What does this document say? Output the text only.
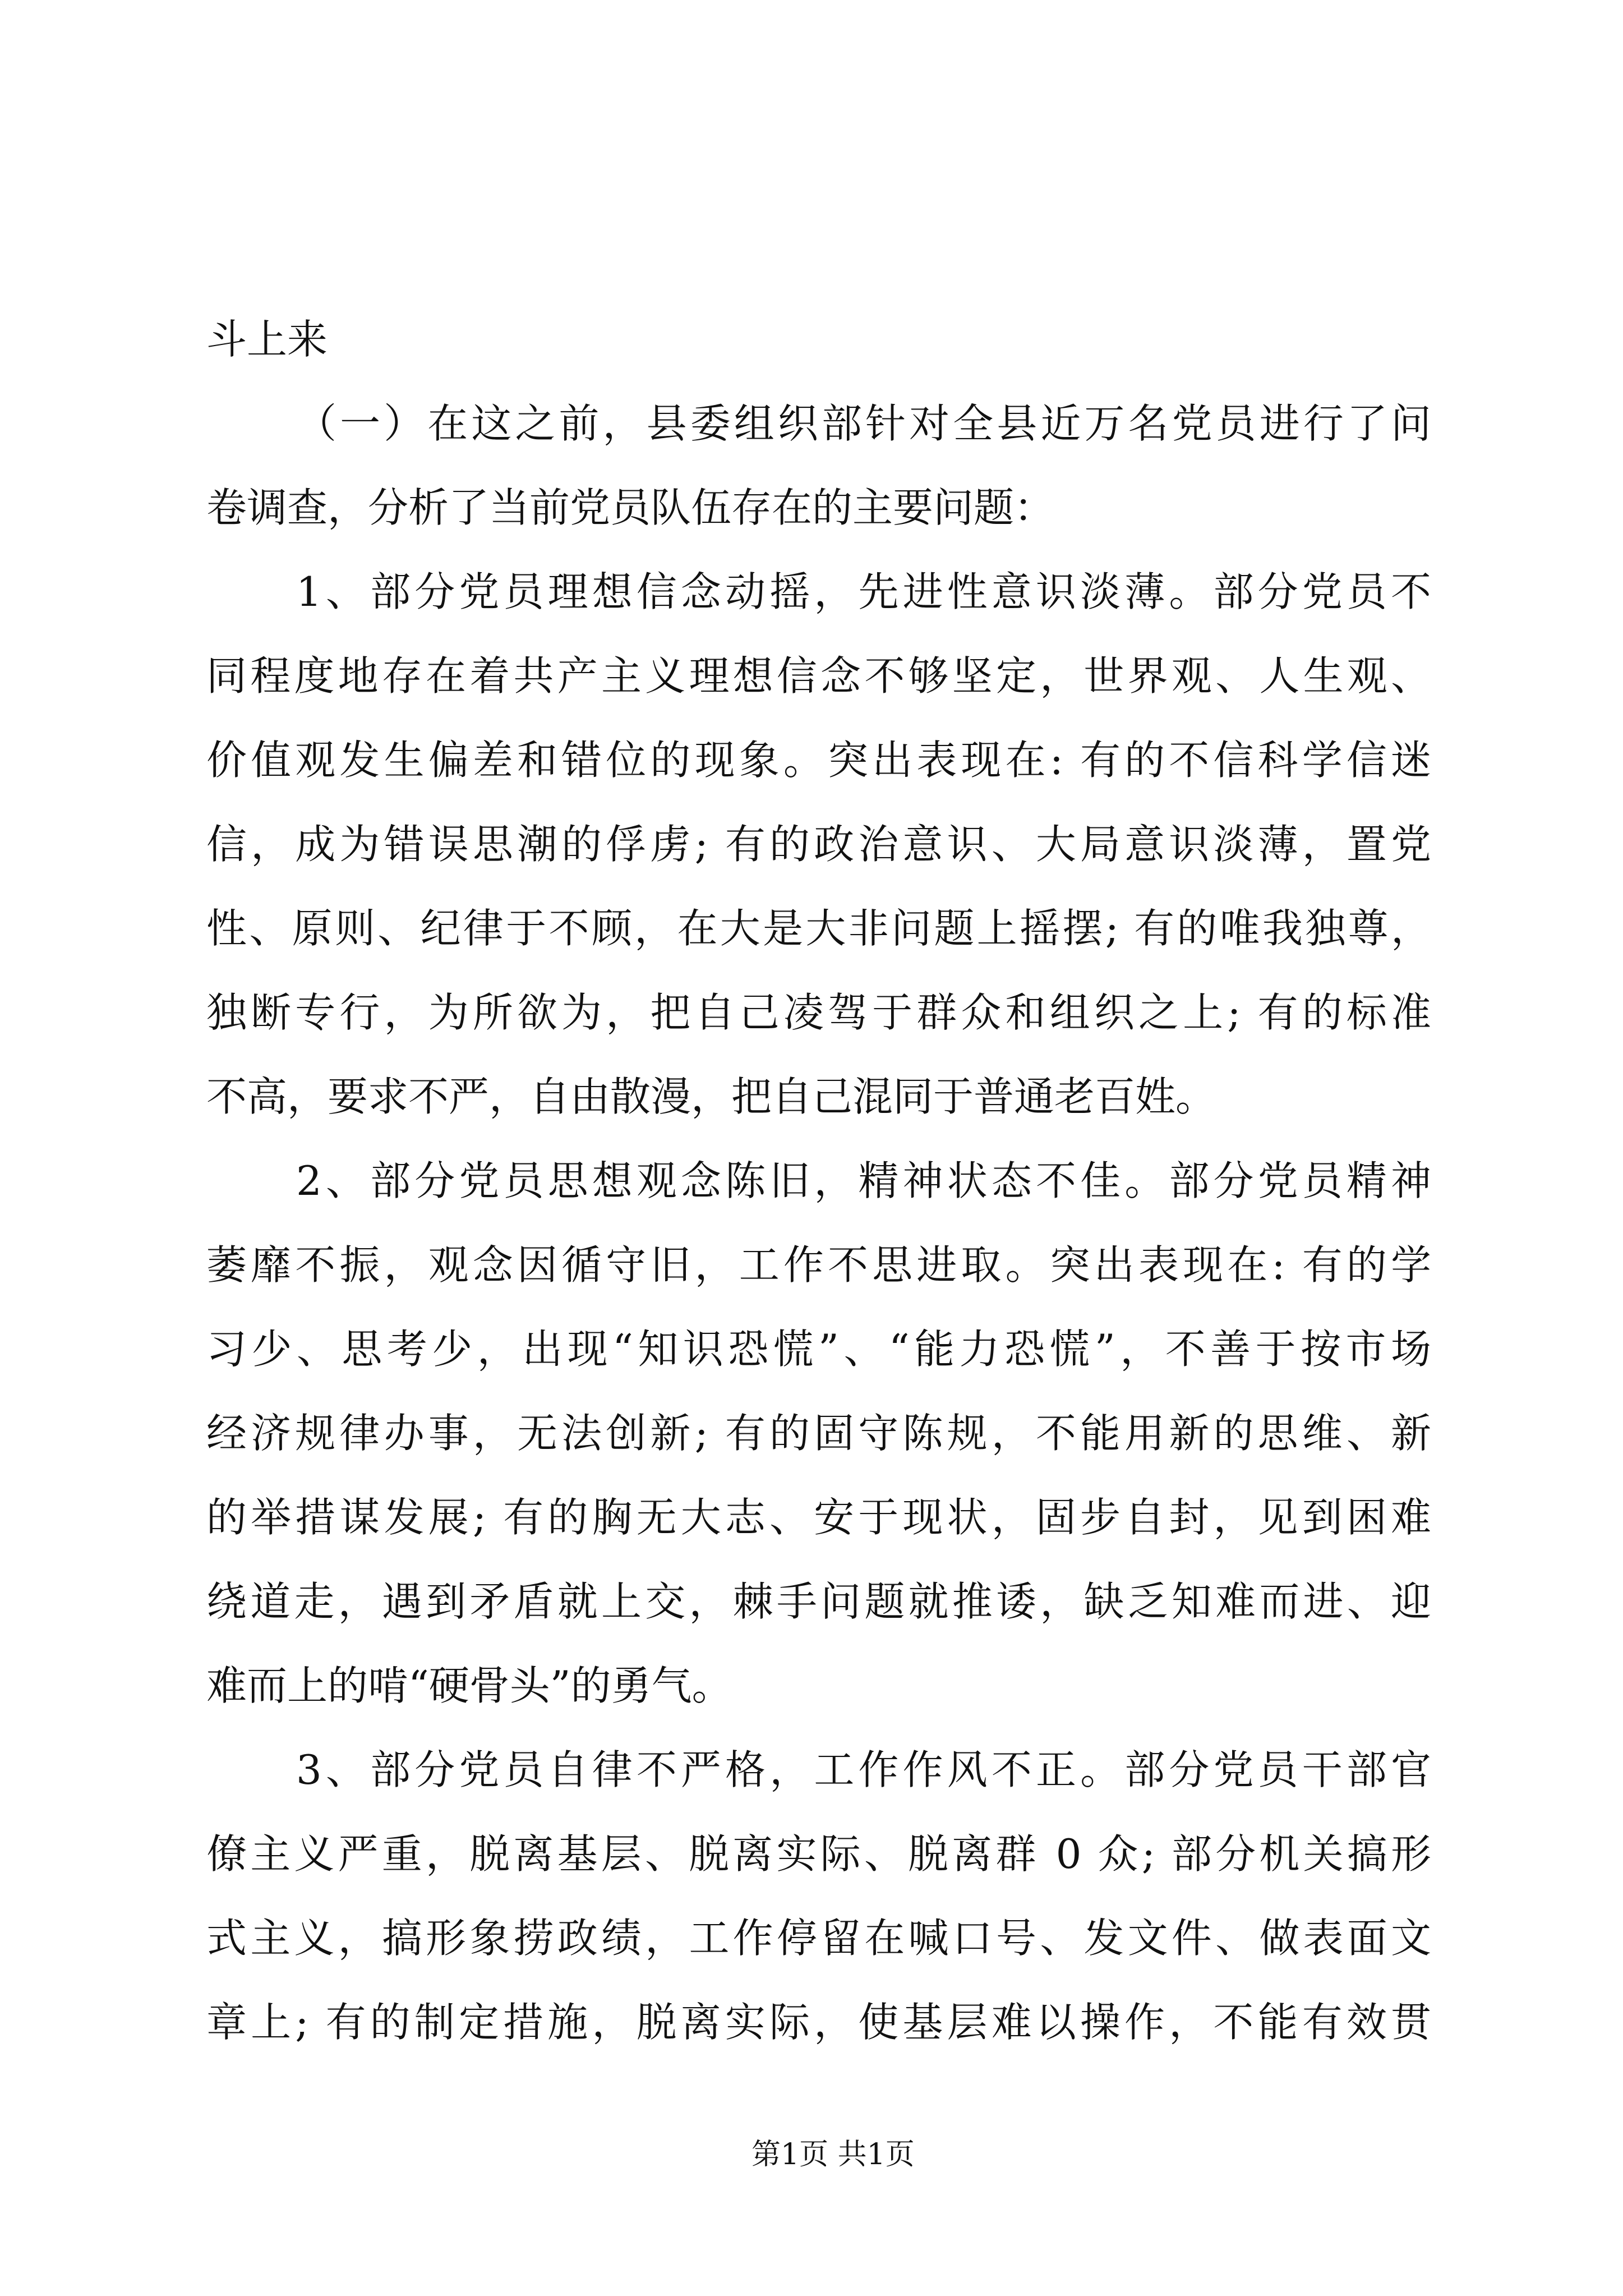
斗上来
（一）在这之前，县委组织部针对全县近万名党员进行了问
卷调查，分析了当前党员队伍存在的主要问题：
1、部分党员理想信念动摇，先进性意识淡薄。部分党员不
同程度地存在着共产主义理想信念不够坚定，世界观、人生观、
价值观发生偏差和错位的现象。突出表现在: 有的不信科学信迷
信，成为错误思潮的俘虏; 有的政治意识、大局意识淡薄，置党
性、原则、纪律于不顾，在大是大非问题上摇摆; 有的唯我独尊，
独断专行，为所欲为，把自己凌驾于群众和组织之上; 有的标准
不高，要求不严，自由散漫，把自己混同于普通老百姓。
2、部分党员思想观念陈旧，精神状态不佳。部分党员精神
萎靡不振，观念因循守旧，工作不思进取。突出表现在: 有的学
习少、思考少，出现“知识恐慌”、“能力恐慌”，不善于按市场
经济规律办事，无法创新; 有的固守陈规，不能用新的思维、新
的举措谋发展; 有的胸无大志、安于现状，固步自封，见到困难
绕道走，遇到矛盾就上交，棘手问题就推诿，缺乏知难而进、迎
难而上的啃“硬骨头”的勇气。
3、部分党员自律不严格，工作作风不正。部分党员干部官
僚主义严重，脱离基层、脱离实际、脱离群 0 众; 部分机关搞形
式主义，搞形象捞政绩，工作停留在喊口号、发文件、做表面文
章上; 有的制定措施，脱离实际，使基层难以操作，不能有效贯
第1页 共1页
